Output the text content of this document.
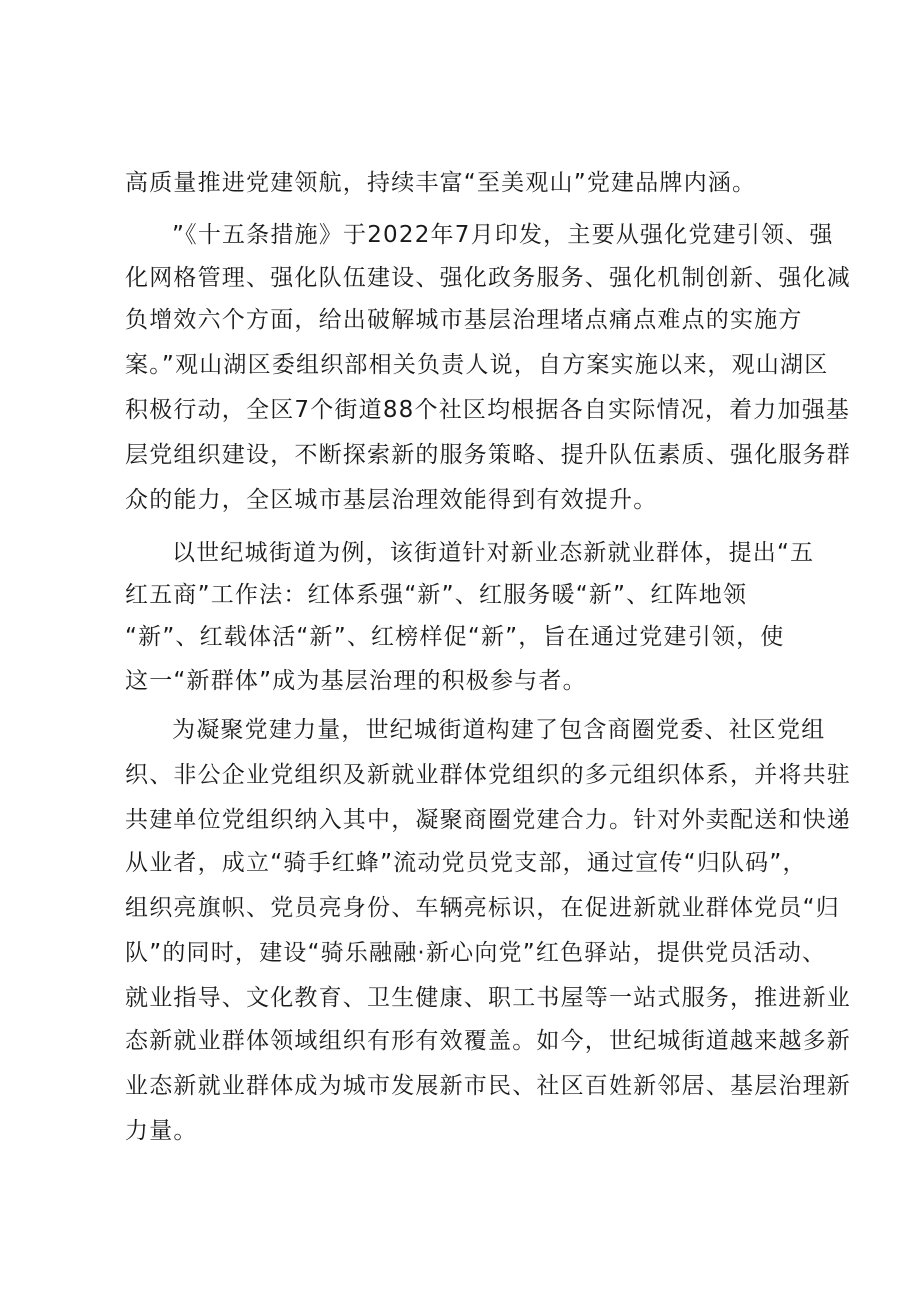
高质量推进党建领航，持续丰富“至美观山”党建品牌内涵。
”《十五条措施》于2022年7月印发，主要从强化党建引领、强
化网格管理、强化队伍建设、强化政务服务、强化机制创新、强化减
负增效六个方面，给出破解城市基层治理堵点痛点难点的实施方
案。”观山湖区委组织部相关负责人说，自方案实施以来，观山湖区
积极行动，全区7个街道88个社区均根据各自实际情况，着力加强基
层党组织建设，不断探索新的服务策略、提升队伍素质、强化服务群
众的能力，全区城市基层治理效能得到有效提升。
以世纪城街道为例，该街道针对新业态新就业群体，提出“五
红五商”工作法：红体系强“新”、红服务暖“新”、红阵地领
“新”、红载体活“新”、红榜样促“新”，旨在通过党建引领，使
这一“新群体”成为基层治理的积极参与者。
为凝聚党建力量，世纪城街道构建了包含商圈党委、社区党组
织、非公企业党组织及新就业群体党组织的多元组织体系，并将共驻
共建单位党组织纳入其中，凝聚商圈党建合力。针对外卖配送和快递
从业者，成立“骑手红蜂”流动党员党支部，通过宣传“归队码”，
组织亮旗帜、党员亮身份、车辆亮标识，在促进新就业群体党员“归
队”的同时，建设“骑乐融融·新心向党”红色驿站，提供党员活动、
就业指导、文化教育、卫生健康、职工书屋等一站式服务，推进新业
态新就业群体领域组织有形有效覆盖。如今，世纪城街道越来越多新
业态新就业群体成为城市发展新市民、社区百姓新邻居、基层治理新
力量。
